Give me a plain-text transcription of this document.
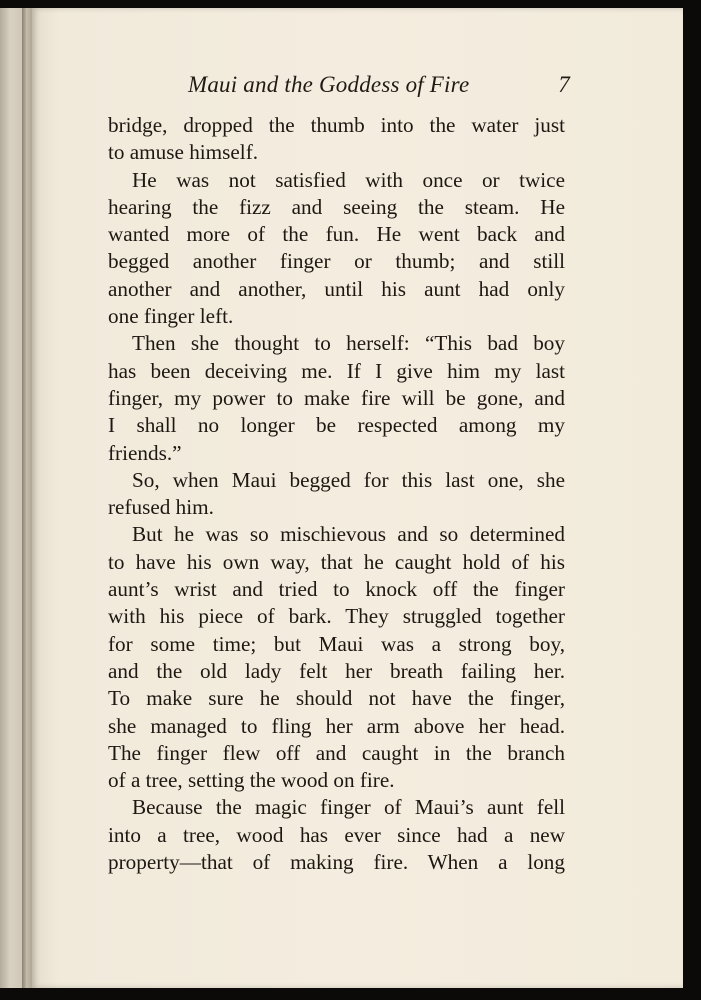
Maui and the Goddess of Fire	7
bridge, dropped the thumb into the water just
to amuse himself.
He was not satisfied with once or twice
hearing the fizz and seeing the steam. He
wanted more of the fun. He went back and
begged another finger or thumb; and still
another and another, until his aunt had only
one finger left.
Then she thought to herself: “This bad boy
has been deceiving me. If I give him my last
finger, my power to make fire will be gone, and
I shall no longer be respected among my
friends.”
So, when Maui begged for this last one, she
refused him.
But he was so mischievous and so determined
to have his own way, that he caught hold of his
aunt’s wrist and tried to knock off the finger
with his piece of bark. They struggled together
for some time; but Maui was a strong boy,
and the old lady felt her breath failing her.
To make sure he should not have the finger,
she managed to fling her arm above her head.
The finger flew off and caught in the branch
of a tree, setting the wood on fire.
Because the magic finger of Maui’s aunt fell
into a tree, wood has ever since had a new
property—that of making fire. When a long
